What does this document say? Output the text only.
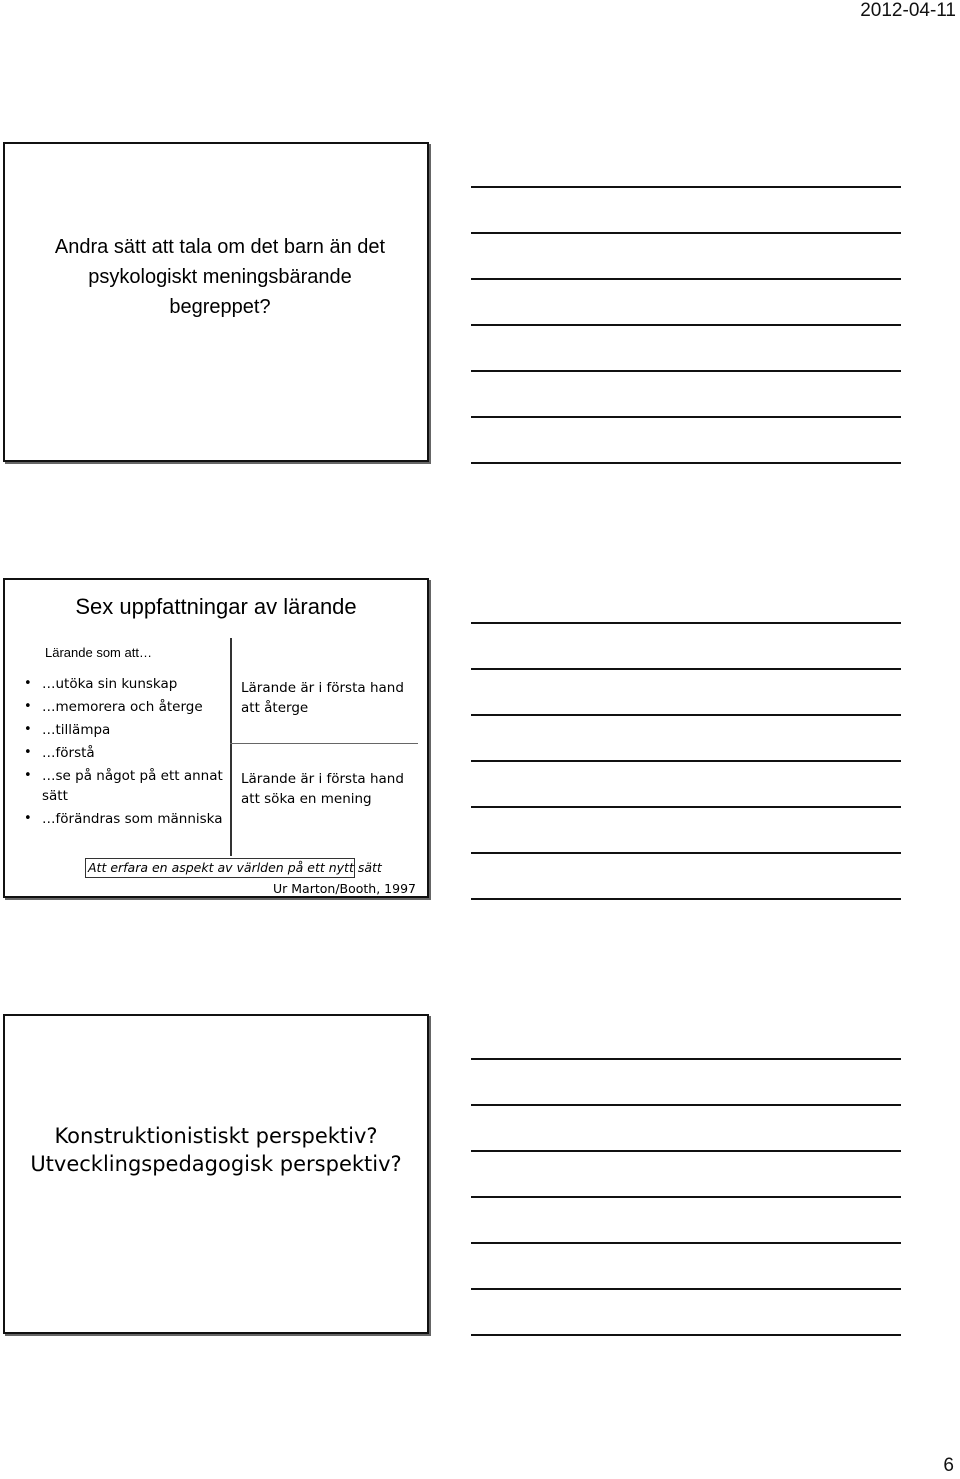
2012-04-11
Andra sätt att tala om det barn än det psykologiskt meningsbärande begreppet?
Sex uppfattningar av lärande
Lärande som att…
• …utöka sin kunskap
• …memorera och återge
• …tillämpa
• …förstå
• …se på något på ett annat sätt
• …förändras som människa
Lärande är i första hand att återge
Lärande är i första hand att söka en mening
Att erfara en aspekt av världen på ett nytt sätt
Ur Marton/Booth, 1997
Konstruktionistiskt perspektiv?
Utvecklingspedagogisk perspektiv?
6
